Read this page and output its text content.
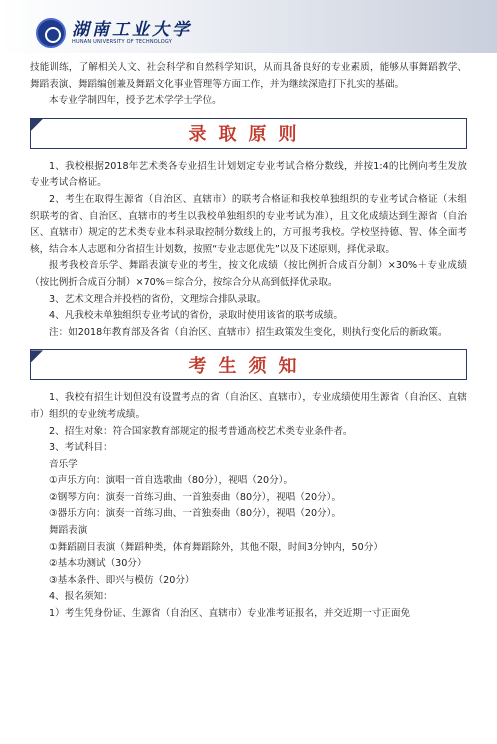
湖南工业大学
HUNAN UNIVERSITY OF TECHNOLOGY

技能训练，了解相关人文、社会科学和自然科学知识，从而具备良好的专业素质，能够从事舞蹈教学、舞蹈表演、舞蹈编创兼及舞蹈文化事业管理等方面工作，并为继续深造打下扎实的基础。

本专业学制四年，授予艺术学学士学位。

录取原则

1、我校根据2018年艺术类各专业招生计划划定专业考试合格分数线，并按1:4的比例向考生发放专业考试合格证。

2、考生在取得生源省（自治区、直辖市）的联考合格证和我校单独组织的专业考试合格证（未组织联考的省、自治区、直辖市的考生以我校单独组织的专业考试为准），且文化成绩达到生源省（自治区、直辖市）规定的艺术类专业本科录取控制分数线上的，方可报考我校。学校坚持德、智、体全面考核，结合本人志愿和分省招生计划数，按照“专业志愿优先”以及下述原则，择优录取。

报考我校音乐学、舞蹈表演专业的考生，按文化成绩（按比例折合成百分制）×30%＋专业成绩（按比例折合成百分制）×70%＝综合分，按综合分从高到低择优录取。

3、艺术文理合并投档的省份，文理综合排队录取。

4、凡我校未单独组织专业考试的省份，录取时使用该省的联考成绩。

注：如2018年教育部及各省（自治区、直辖市）招生政策发生变化，则执行变化后的新政策。

考生须知

1、我校有招生计划但没有设置考点的省（自治区、直辖市），专业成绩使用生源省（自治区、直辖市）组织的专业统考成绩。

2、招生对象：符合国家教育部规定的报考普通高校艺术类专业条件者。

3、考试科目：

音乐学

①声乐方向：演唱一首自选歌曲（80分），视唱（20分）。

②钢琴方向：演奏一首练习曲、一首独奏曲（80分），视唱（20分）。

③器乐方向：演奏一首练习曲、一首独奏曲（80分），视唱（20分）。

舞蹈表演

①舞蹈剧目表演（舞蹈种类，体育舞蹈除外，其他不限，时间3分钟内，50分）

②基本功测试（30分）

③基本条件、即兴与模仿（20分）

4、报名须知：

1）考生凭身份证、生源省（自治区、直辖市）专业准考证报名，并交近期一寸正面免
